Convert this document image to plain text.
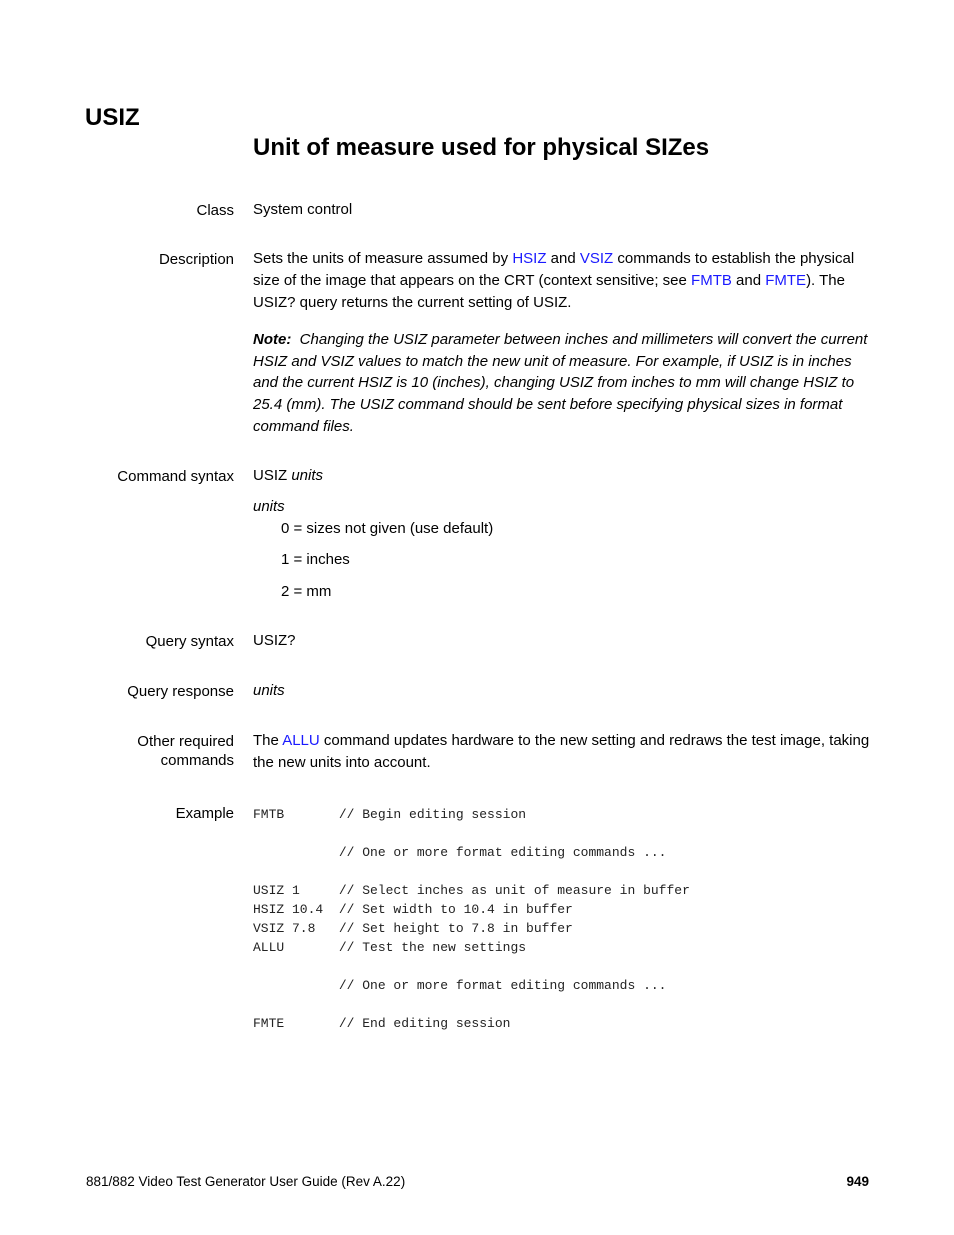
USIZ
Unit of measure used for physical SIZes
Class System control
Description Sets the units of measure assumed by HSIZ and VSIZ commands to establish the physical size of the image that appears on the CRT (context sensitive; see FMTB and FMTE). The USIZ? query returns the current setting of USIZ.
Note: Changing the USIZ parameter between inches and millimeters will convert the current HSIZ and VSIZ values to match the new unit of measure. For example, if USIZ is in inches and the current HSIZ is 10 (inches), changing USIZ from inches to mm will change HSIZ to 25.4 (mm). The USIZ command should be sent before specifying physical sizes in format command files.
Command syntax USIZ units
units
0 = sizes not given (use default)
1 = inches
2 = mm
Query syntax USIZ?
Query response units
Other required
commands
The ALLU command updates hardware to the new setting and redraws the test image, taking the new units into account.
Example FMTB       // Begin editing session

// One or more format editing commands ...

USIZ 1     // Select inches as unit of measure in buffer
HSIZ 10.4  // Set width to 10.4 in buffer
VSIZ 7.8   // Set height to 7.8 in buffer
ALLU       // Test the new settings

// One or more format editing commands ...

FMTE       // End editing session
881/882 Video Test Generator User Guide (Rev A.22)	949
